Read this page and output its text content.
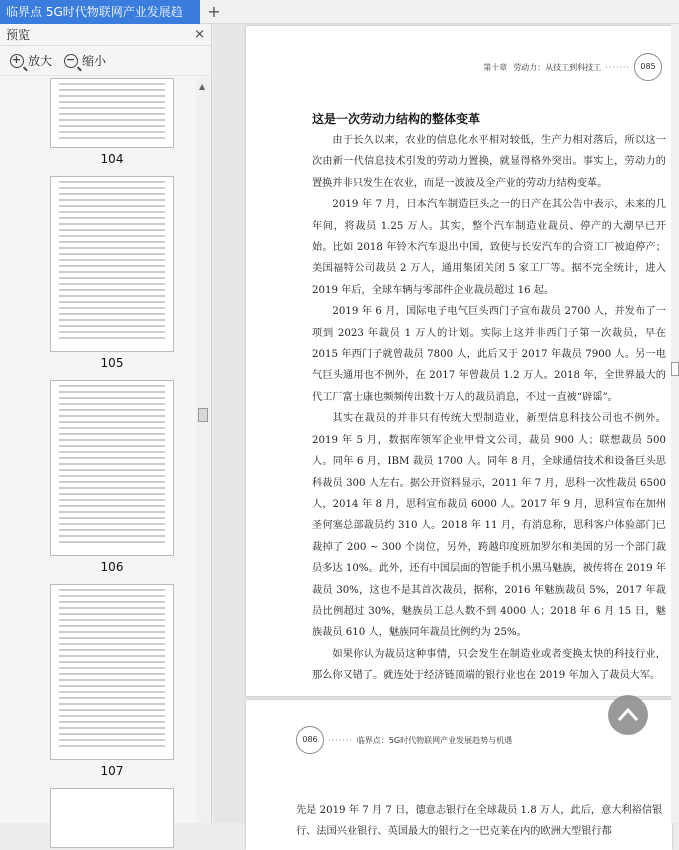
临界点 5G时代物联网产业发展趋	+
预览	×
+ 放大 − 缩小
104
105
106
107
▲
第十章 劳动力：从技工到科技工 ·······	085
这是一次劳动力结构的整体变革

由于长久以来，农业的信息化水平相对较低，生产力相对落后，所以这一次由新一代信息技术引发的劳动力置换，就显得格外突出。事实上，劳动力的置换并非只发生在农业，而是一波波及全产业的劳动力结构变革。

2019 年 7 月，日本汽车制造巨头之一的日产在其公告中表示，未来的几年间，将裁员 1.25 万人。其实，整个汽车制造业裁员、停产的大潮早已开始。比如 2018 年铃木汽车退出中国，致使与长安汽车的合资工厂被迫停产；美国福特公司裁员 2 万人，通用集团关闭 5 家工厂等。据不完全统计，进入 2019 年后，全球车辆与零部件企业裁员超过 16 起。

2019 年 6 月，国际电子电气巨头西门子宣布裁员 2700 人，并发布了一项到 2023 年裁员 1 万人的计划。实际上这并非西门子第一次裁员，早在 2015 年西门子就曾裁员 7800 人，此后又于 2017 年裁员 7900 人。另一电气巨头通用也不例外，在 2017 年曾裁员 1.2 万人。2018 年，全世界最大的代工厂富士康也频频传出数十万人的裁员消息，不过一直被“辟谣”。

其实在裁员的并非只有传统大型制造业，新型信息科技公司也不例外。2019 年 5 月，数据库领军企业甲骨文公司，裁员 900 人；联想裁员 500 人。同年 6 月，IBM 裁员 1700 人。同年 8 月，全球通信技术和设备巨头思科裁员 300 人左右。据公开资料显示，2011 年 7 月，思科一次性裁员 6500 人，2014 年 8 月，思科宣布裁员 6000 人。2017 年 9 月，思科宣布在加州圣何塞总部裁员约 310 人。2018 年 11 月，有消息称，思科客户体验部门已裁掉了 200 ~ 300 个岗位，另外，跨越印度班加罗尔和美国的另一个部门裁员多达 10%。此外，还有中国层面的智能手机小黑马魅族，被传将在 2019 年裁员 30%，这也不是其首次裁员，据称，2016 年魅族裁员 5%，2017 年裁员比例超过 30%，魅族员工总人数不到 4000 人；2018 年 6 月 15 日，魅族裁员 610 人，魅族同年裁员比例约为 25%。

如果你认为裁员这种事情，只会发生在制造业或者变换太快的科技行业，那么你又错了。就连处于经济链顶端的银行业也在 2019 年加入了裁员大军。

086	······· 临界点：5G时代物联网产业发展趋势与机遇
先是 2019 年 7 月 7 日，德意志银行在全球裁员 1.8 万人，此后，意大利裕信银行、法国兴业银行、英国最大的银行之一巴克莱在内的欧洲大型银行都
